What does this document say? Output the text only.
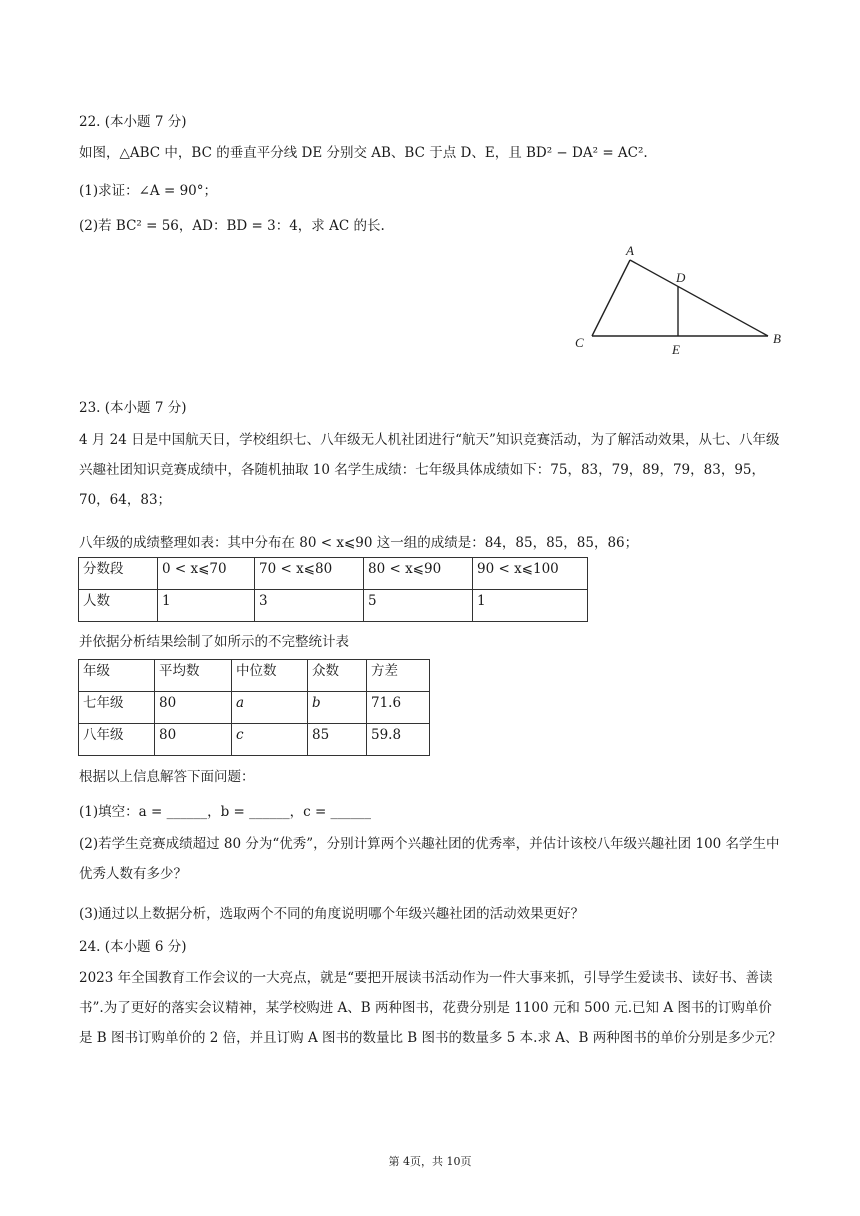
22. (本小题 7 分)
如图，△ABC 中，BC 的垂直平分线 DE 分别交 AB、BC 于点 D、E，且 BD² − DA² = AC².
(1)求证：∠A = 90°；
(2)若 BC² = 56，AD：BD = 3：4，求 AC 的长.
A
B
C
D
E
23. (本小题 7 分)
4 月 24 日是中国航天日，学校组织七、八年级无人机社团进行“航天”知识竞赛活动，为了解活动效果，从七、八年级兴趣社团知识竞赛成绩中，各随机抽取 10 名学生成绩：七年级具体成绩如下：75，83，79，89，79，83，95，70，64，83；
八年级的成绩整理如表：其中分布在 80 < x⩽90 这一组的成绩是：84，85，85，85，86；
分数段	0 < x⩽70	70 < x⩽80	80 < x⩽90	90 < x⩽100
人数	1	3	5	1
并依据分析结果绘制了如所示的不完整统计表
年级	平均数	中位数	众数	方差
七年级	80	a	b	71.6
八年级	80	c	85	59.8
根据以上信息解答下面问题：
(1)填空：a = ______，b = ______，c = ______
(2)若学生竞赛成绩超过 80 分为“优秀”，分别计算两个兴趣社团的优秀率，并估计该校八年级兴趣社团 100 名学生中优秀人数有多少？
(3)通过以上数据分析，选取两个不同的角度说明哪个年级兴趣社团的活动效果更好？
24. (本小题 6 分)
2023 年全国教育工作会议的一大亮点，就是“要把开展读书活动作为一件大事来抓，引导学生爱读书、读好书、善读书”.为了更好的落实会议精神，某学校购进 A、B 两种图书，花费分别是 1100 元和 500 元.已知 A 图书的订购单价是 B 图书订购单价的 2 倍，并且订购 A 图书的数量比 B 图书的数量多 5 本.求 A、B 两种图书的单价分别是多少元？
第 4页，共 10页
